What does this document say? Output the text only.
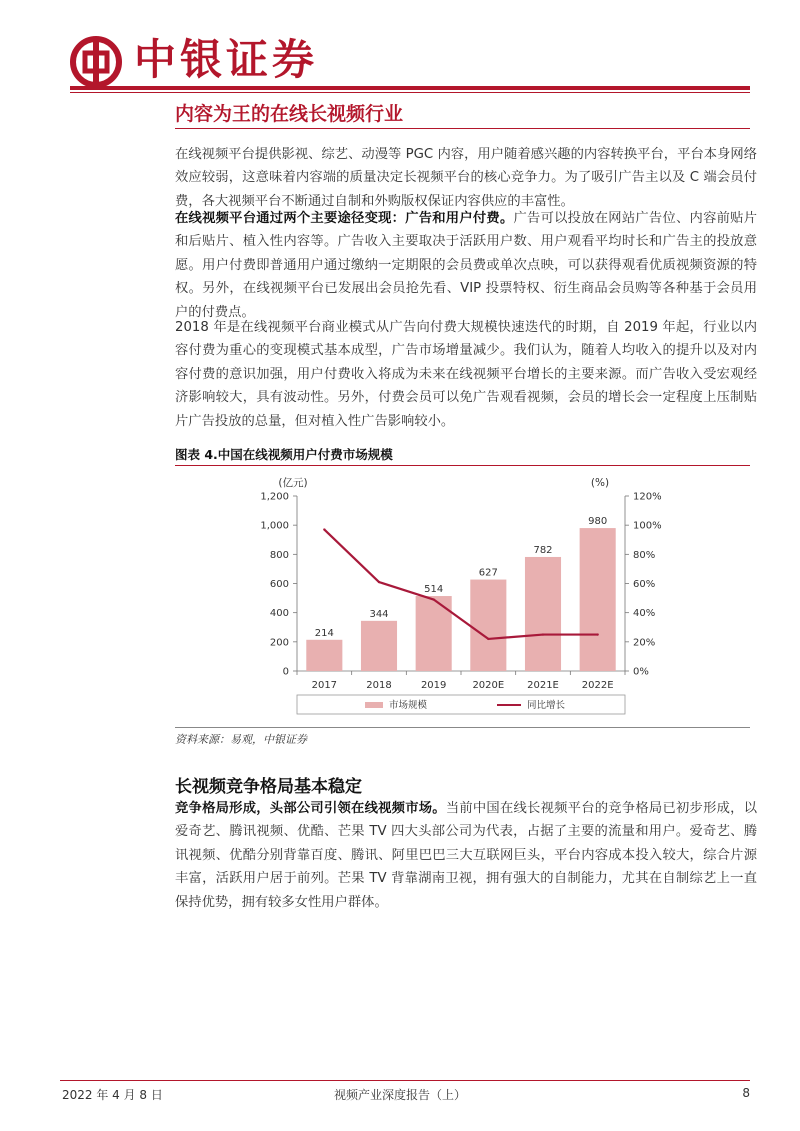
中银证券
内容为王的在线长视频行业

在线视频平台提供影视、综艺、动漫等 PGC 内容，用户随着感兴趣的内容转换平台，平台本身网络效应较弱，这意味着内容端的质量决定长视频平台的核心竞争力。为了吸引广告主以及 C 端会员付费，各大视频平台不断通过自制和外购版权保证内容供应的丰富性。

在线视频平台通过两个主要途径变现：广告和用户付费。广告可以投放在网站广告位、内容前贴片和后贴片、植入性内容等。广告收入主要取决于活跃用户数、用户观看平均时长和广告主的投放意愿。用户付费即普通用户通过缴纳一定期限的会员费或单次点映，可以获得观看优质视频资源的特权。另外，在线视频平台已发展出会员抢先看、VIP 投票特权、衍生商品会员购等各种基于会员用户的付费点。

2018 年是在线视频平台商业模式从广告向付费大规模快速迭代的时期，自 2019 年起，行业以内容付费为重心的变现模式基本成型，广告市场增量减少。我们认为，随着人均收入的提升以及对内容付费的意识加强，用户付费收入将成为未来在线视频平台增长的主要来源。而广告收入受宏观经济影响较大，具有波动性。另外，付费会员可以免广告观看视频，会员的增长会一定程度上压制贴片广告投放的总量，但对植入性广告影响较小。

图表 4.中国在线视频用户付费市场规模
(亿元)	(%)
0
200
400
600
800
1,000
1,200
0%
20%
40%
60%
80%
100%
120%
214
2017
344
2018
514
2019
627
2020E
782
2021E
980
2022E
市场规模	同比增长
资料来源：易观，中银证券
长视频竞争格局基本稳定

竞争格局形成，头部公司引领在线视频市场。当前中国在线长视频平台的竞争格局已初步形成，以爱奇艺、腾讯视频、优酷、芒果 TV 四大头部公司为代表，占据了主要的流量和用户。爱奇艺、腾讯视频、优酷分别背靠百度、腾讯、阿里巴巴三大互联网巨头，平台内容成本投入较大，综合片源丰富，活跃用户居于前列。芒果 TV 背靠湖南卫视，拥有强大的自制能力，尤其在自制综艺上一直保持优势，拥有较多女性用户群体。

2022 年 4 月 8 日	视频产业深度报告（上）	8
